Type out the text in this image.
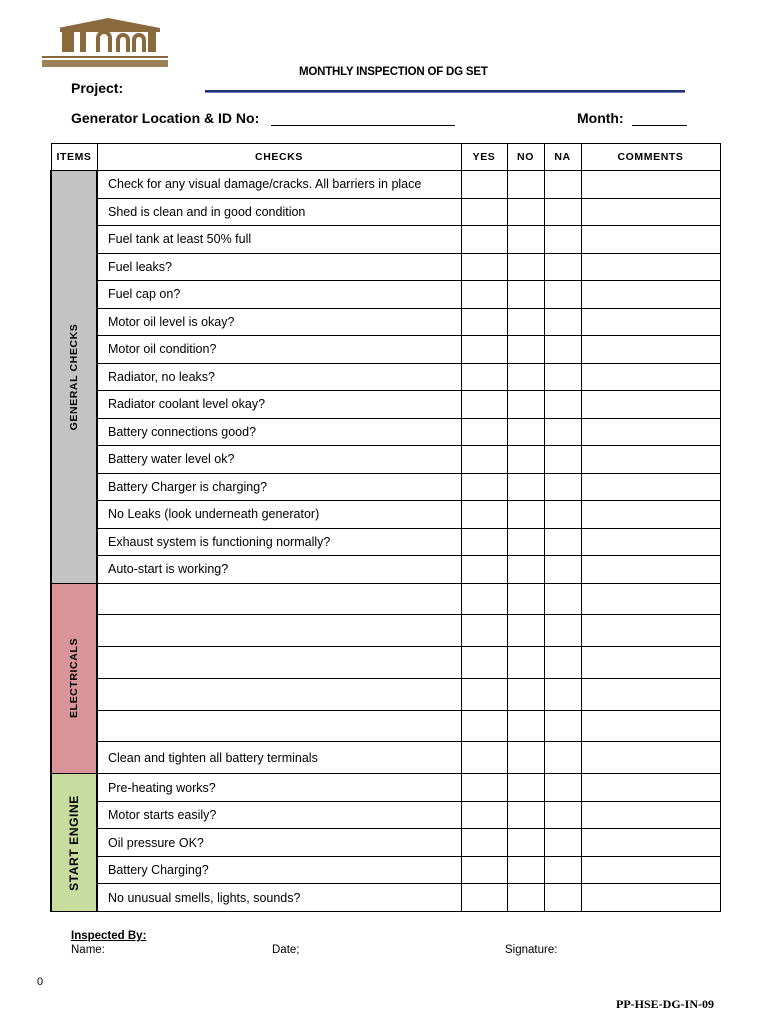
MONTHLY INSPECTION OF DG SET
Project:
Generator Location & ID No:	Month:
ITEMS	CHECKS	YES	NO	NA	COMMENTS

GENERAL CHECKS	Check for any visual damage/cracks. All barriers in place				
	Shed is clean and in good condition				
	Fuel tank at least 50% full				
	Fuel leaks?				
	Fuel cap on?				
	Motor oil level is okay?				
	Motor oil condition?				
	Radiator, no leaks?				
	Radiator coolant level okay?				
	Battery connections good?				
	Battery water level ok?				
	Battery Charger is charging?				
	No Leaks (look underneath generator)				
	Exhaust system is functioning normally?				
	Auto-start is working?				

ELECTRICALS					

	Clean and tighten all battery terminals				

START ENGINE	Pre-heating works?				
	Motor starts easily?				
	Oil pressure OK?				
	Battery Charging?				
	No unusual smells, lights, sounds?				
Inspected By:
Name:	Date;	Signature:
0
PP-HSE-DG-IN-09
